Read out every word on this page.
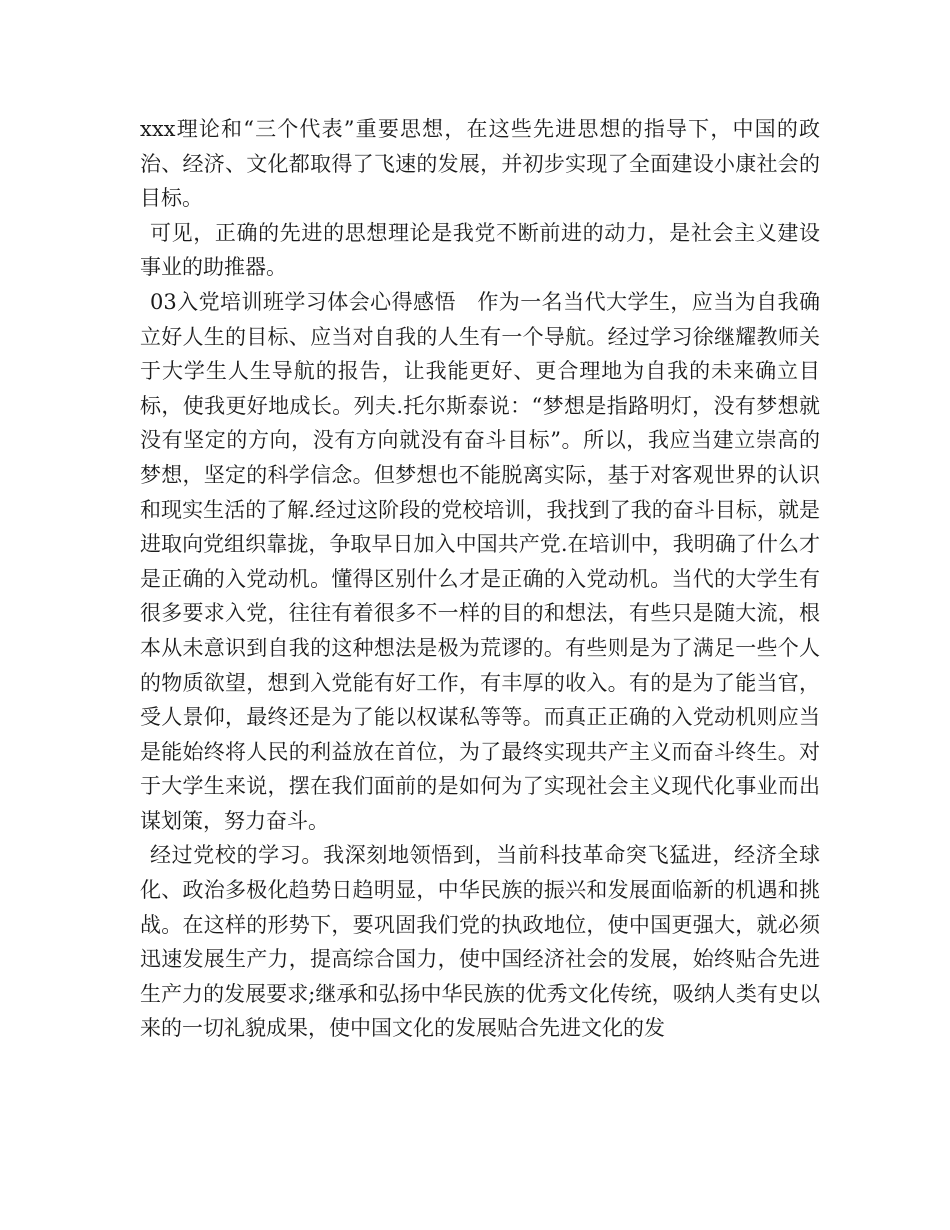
xxx理论和“三个代表”重要思想，在这些先进思想的指导下，中国的政治、经济、文化都取得了飞速的发展，并初步实现了全面建设小康社会的目标。

可见，正确的先进的思想理论是我党不断前进的动力，是社会主义建设事业的助推器。

03入党培训班学习体会心得感悟　作为一名当代大学生，应当为自我确立好人生的目标、应当对自我的人生有一个导航。经过学习徐继耀教师关于大学生人生导航的报告，让我能更好、更合理地为自我的未来确立目标，使我更好地成长。列夫.托尔斯泰说：“梦想是指路明灯，没有梦想就没有坚定的方向，没有方向就没有奋斗目标”。所以，我应当建立崇高的梦想，坚定的科学信念。但梦想也不能脱离实际，基于对客观世界的认识和现实生活的了解.经过这阶段的党校培训，我找到了我的奋斗目标，就是进取向党组织靠拢，争取早日加入中国共产党.在培训中，我明确了什么才是正确的入党动机。懂得区别什么才是正确的入党动机。当代的大学生有很多要求入党，往往有着很多不一样的目的和想法，有些只是随大流，根本从未意识到自我的这种想法是极为荒谬的。有些则是为了满足一些个人的物质欲望，想到入党能有好工作，有丰厚的收入。有的是为了能当官，受人景仰，最终还是为了能以权谋私等等。而真正正确的入党动机则应当是能始终将人民的利益放在首位，为了最终实现共产主义而奋斗终生。对于大学生来说，摆在我们面前的是如何为了实现社会主义现代化事业而出谋划策，努力奋斗。

经过党校的学习。我深刻地领悟到，当前科技革命突飞猛进，经济全球化、政治多极化趋势日趋明显，中华民族的振兴和发展面临新的机遇和挑战。在这样的形势下，要巩固我们党的执政地位，使中国更强大，就必须迅速发展生产力，提高综合国力，使中国经济社会的发展，始终贴合先进生产力的发展要求;继承和弘扬中华民族的优秀文化传统，吸纳人类有史以来的一切礼貌成果，使中国文化的发展贴合先进文化的发
